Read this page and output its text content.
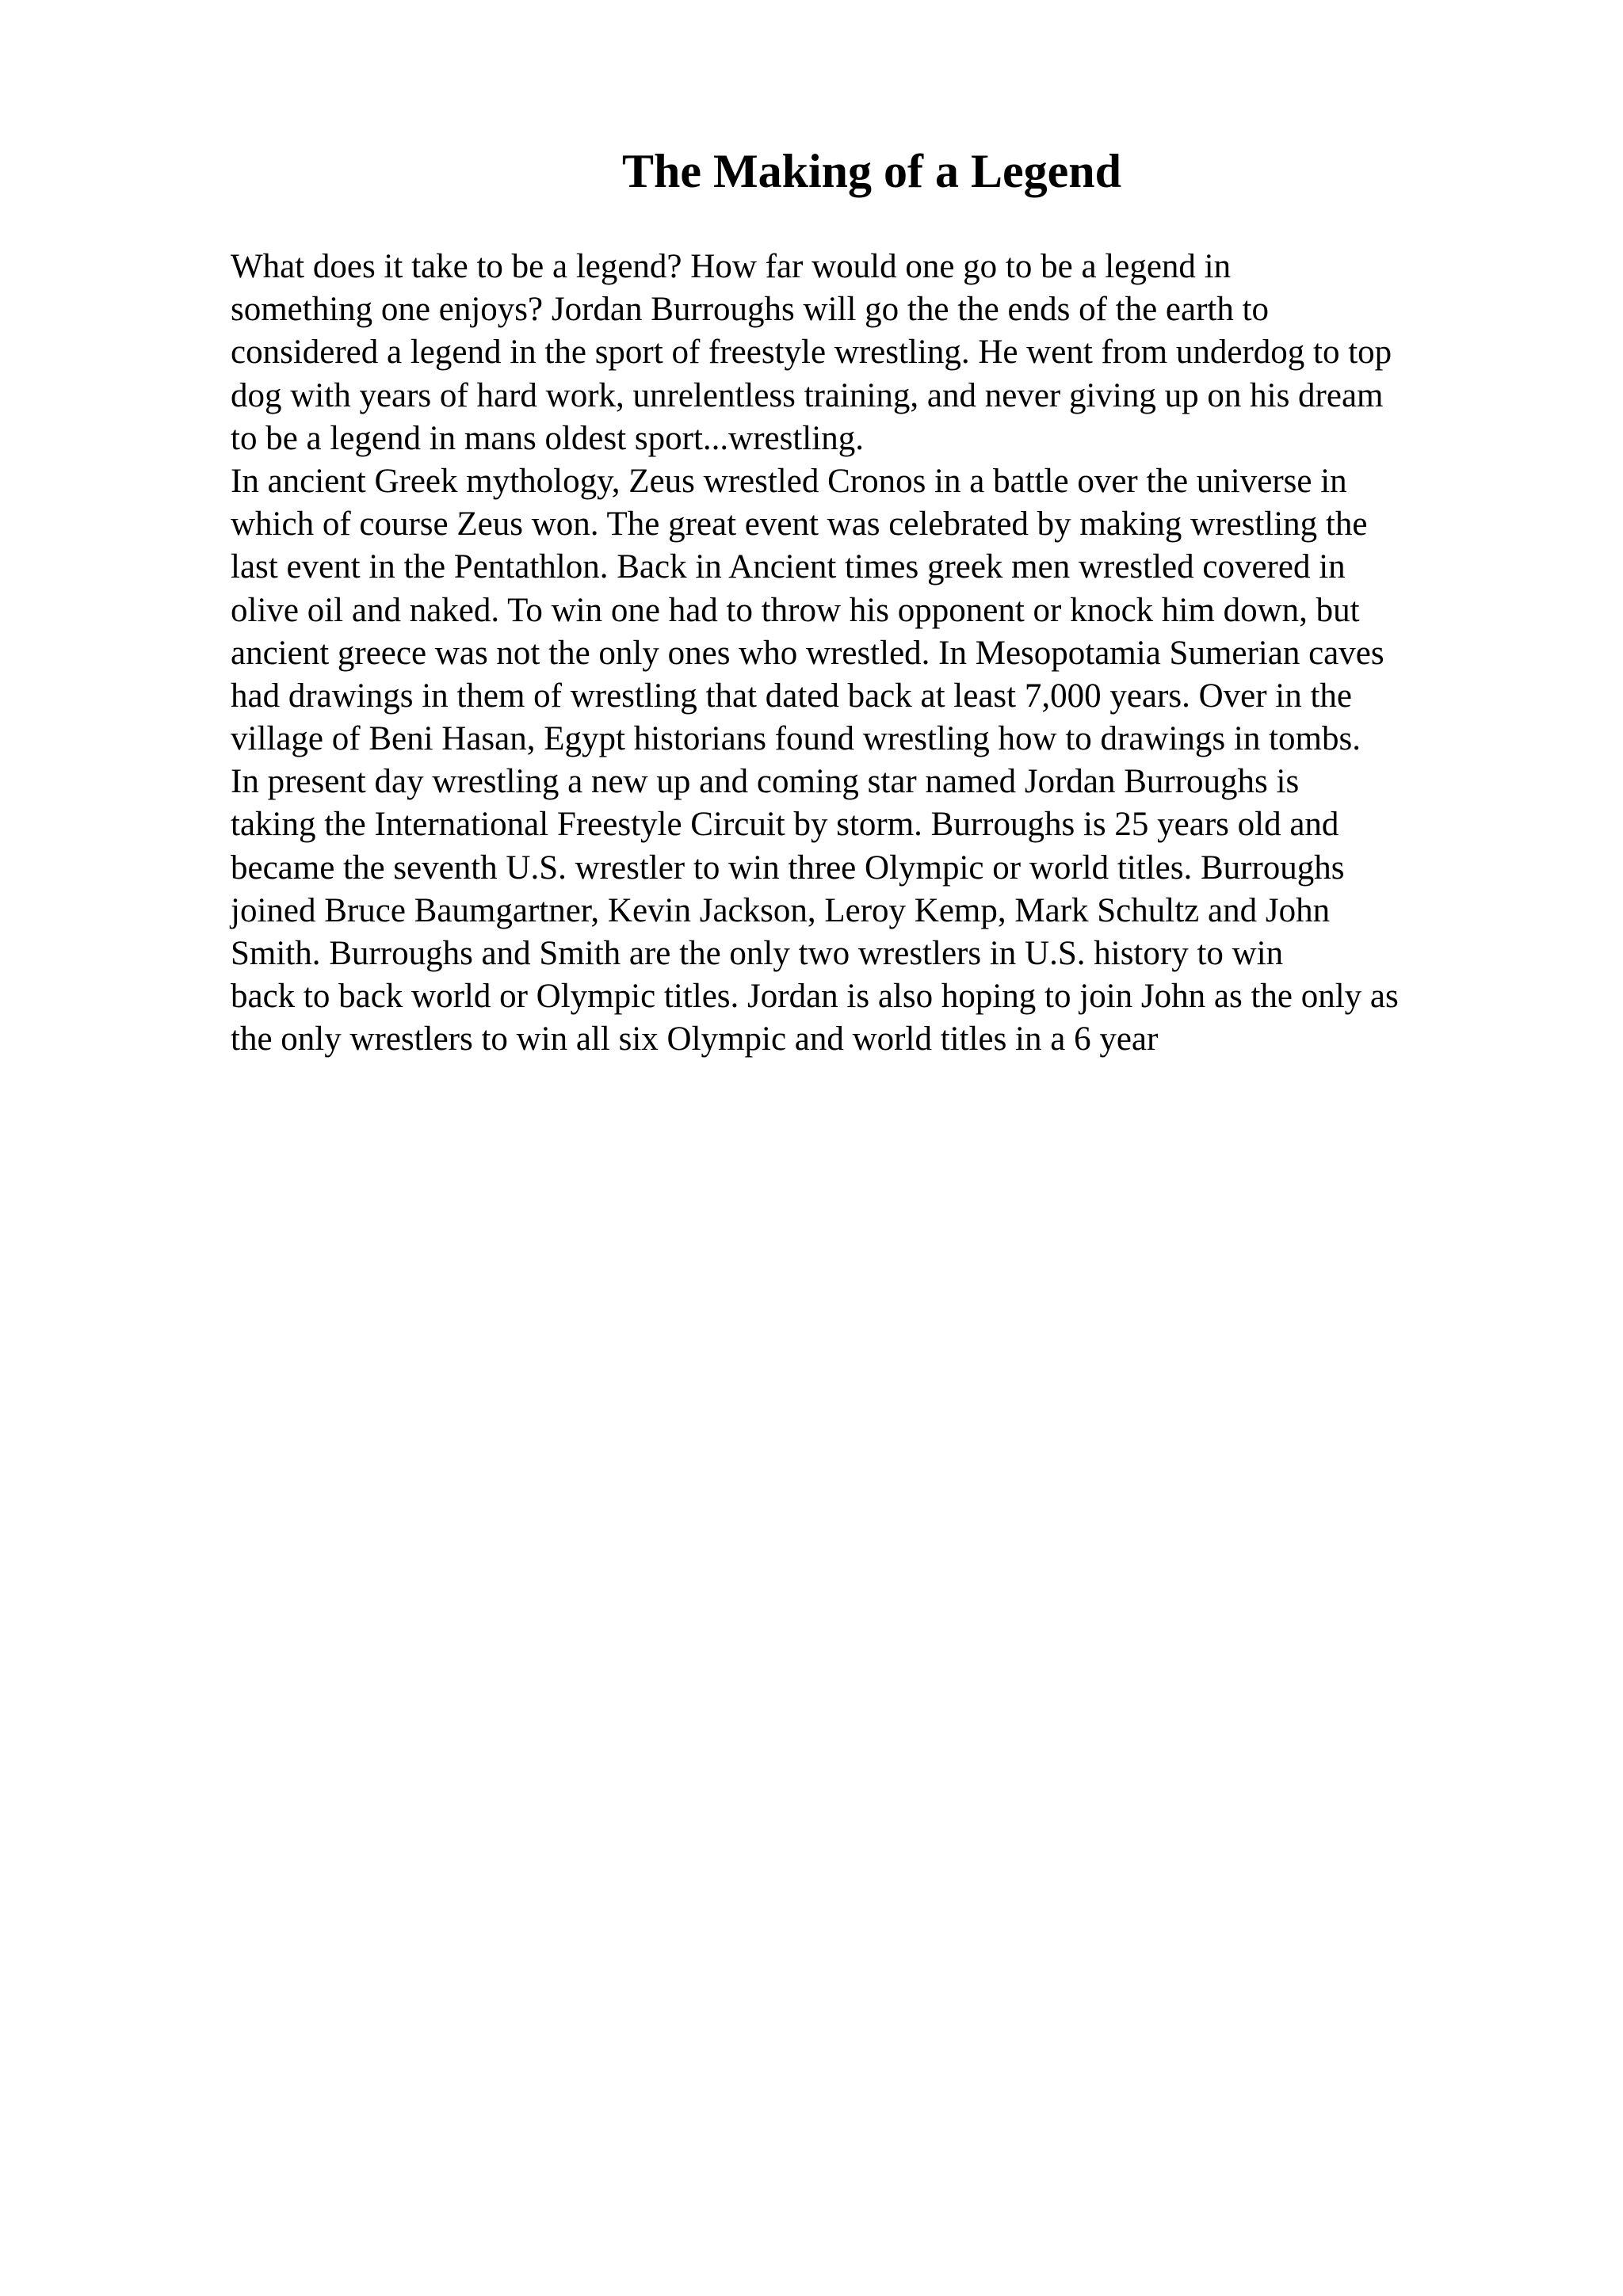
The Making of a Legend
What does it take to be a legend? How far would one go to be a legend in
something one enjoys? Jordan Burroughs will go the the ends of the earth to
considered a legend in the sport of freestyle wrestling. He went from underdog to top
dog with years of hard work, unrelentless training, and never giving up on his dream
to be a legend in mans oldest sport...wrestling.
In ancient Greek mythology, Zeus wrestled Cronos in a battle over the universe in
which of course Zeus won. The great event was celebrated by making wrestling the
last event in the Pentathlon. Back in Ancient times greek men wrestled covered in
olive oil and naked. To win one had to throw his opponent or knock him down, but
ancient greece was not the only ones who wrestled. In Mesopotamia Sumerian caves
had drawings in them of wrestling that dated back at least 7,000 years. Over in the
village of Beni Hasan, Egypt historians found wrestling how to drawings in tombs.
In present day wrestling a new up and coming star named Jordan Burroughs is
taking the International Freestyle Circuit by storm. Burroughs is 25 years old and
became the seventh U.S. wrestler to win three Olympic or world titles. Burroughs
joined Bruce Baumgartner, Kevin Jackson, Leroy Kemp, Mark Schultz and John
Smith. Burroughs and Smith are the only two wrestlers in U.S. history to win
back to back world or Olympic titles. Jordan is also hoping to join John as the only as
the only wrestlers to win all six Olympic and world titles in a 6 year
